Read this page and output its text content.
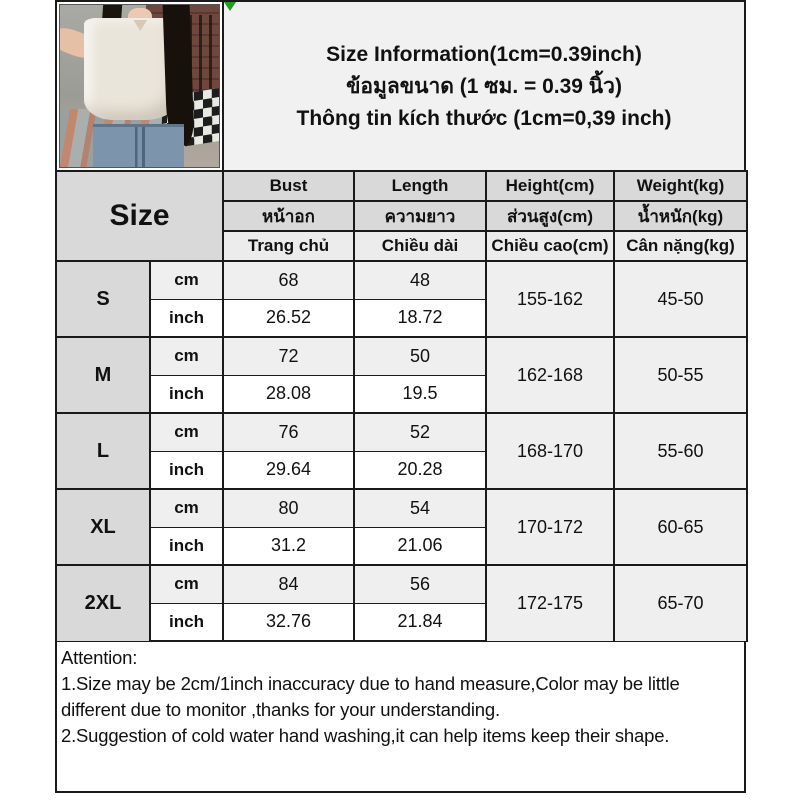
Size Information(1cm=0.39inch)
ข้อมูลขนาด (1 ซม. = 0.39 นิ้ว)
Thông tin kích thước (1cm=0,39 inch)
Size		Bust	Length	Height(cm)	Weight(kg)
		หน้าอก	ความยาว	ส่วนสูง(cm)	น้ำหนัก(kg)
		Trang chủ	Chiều dài	Chiều cao(cm)	Cân nặng(kg)
S	cm	68	48	155-162	45-50
	inch	26.52	18.72		
M	cm	72	50	162-168	50-55
	inch	28.08	19.5		
L	cm	76	52	168-170	55-60
	inch	29.64	20.28		
XL	cm	80	54	170-172	60-65
	inch	31.2	21.06		
2XL	cm	84	56	172-175	65-70
	inch	32.76	21.84		
Attention:
1.Size may be 2cm/1inch inaccuracy due to hand measure,Color may be little different due to monitor ,thanks for your understanding.
2.Suggestion of cold water hand washing,it can help items keep their shape.
